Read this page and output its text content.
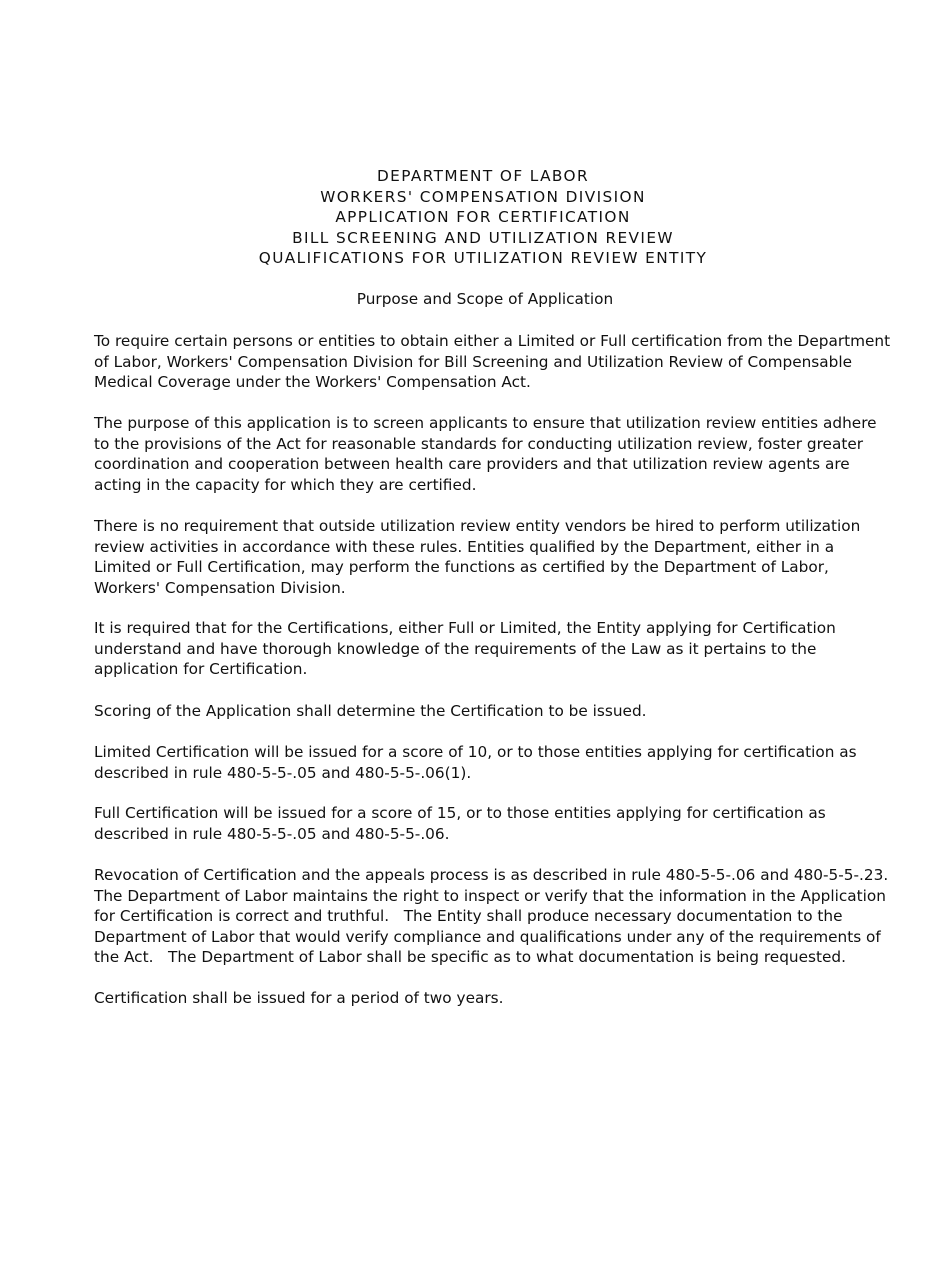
DEPARTMENT OF LABOR
WORKERS' COMPENSATION DIVISION
APPLICATION FOR CERTIFICATION
BILL SCREENING AND UTILIZATION REVIEW
QUALIFICATIONS FOR UTILIZATION REVIEW ENTITY
Purpose and Scope of Application

To require certain persons or entities to obtain either a Limited or Full certification from the Department of Labor, Workers' Compensation Division for Bill Screening and Utilization Review of Compensable Medical Coverage under the Workers' Compensation Act.

The purpose of this application is to screen applicants to ensure that utilization review entities adhere to the provisions of the Act for reasonable standards for conducting utilization review, foster greater coordination and cooperation between health care providers and that utilization review agents are acting in the capacity for which they are certified.

There is no requirement that outside utilization review entity vendors be hired to perform utilization review activities in accordance with these rules. Entities qualified by the Department, either in a Limited or Full Certification, may perform the functions as certified by the Department of Labor, Workers' Compensation Division.

It is required that for the Certifications, either Full or Limited, the Entity applying for Certification understand and have thorough knowledge of the requirements of the Law as it pertains to the application for Certification.

Scoring of the Application shall determine the Certification to be issued.

Limited Certification will be issued for a score of 10, or to those entities applying for certification as described in rule 480-5-5-.05 and 480-5-5-.06(1).

Full Certification will be issued for a score of 15, or to those entities applying for certification as described in rule 480-5-5-.05 and 480-5-5-.06.

Revocation of Certification and the appeals process is as described in rule 480-5-5-.06 and 480-5-5-.23. The Department of Labor maintains the right to inspect or verify that the information in the Application for Certification is correct and truthful.   The Entity shall produce necessary documentation to the Department of Labor that would verify compliance and qualifications under any of the requirements of the Act.   The Department of Labor shall be specific as to what documentation is being requested.

Certification shall be issued for a period of two years.
